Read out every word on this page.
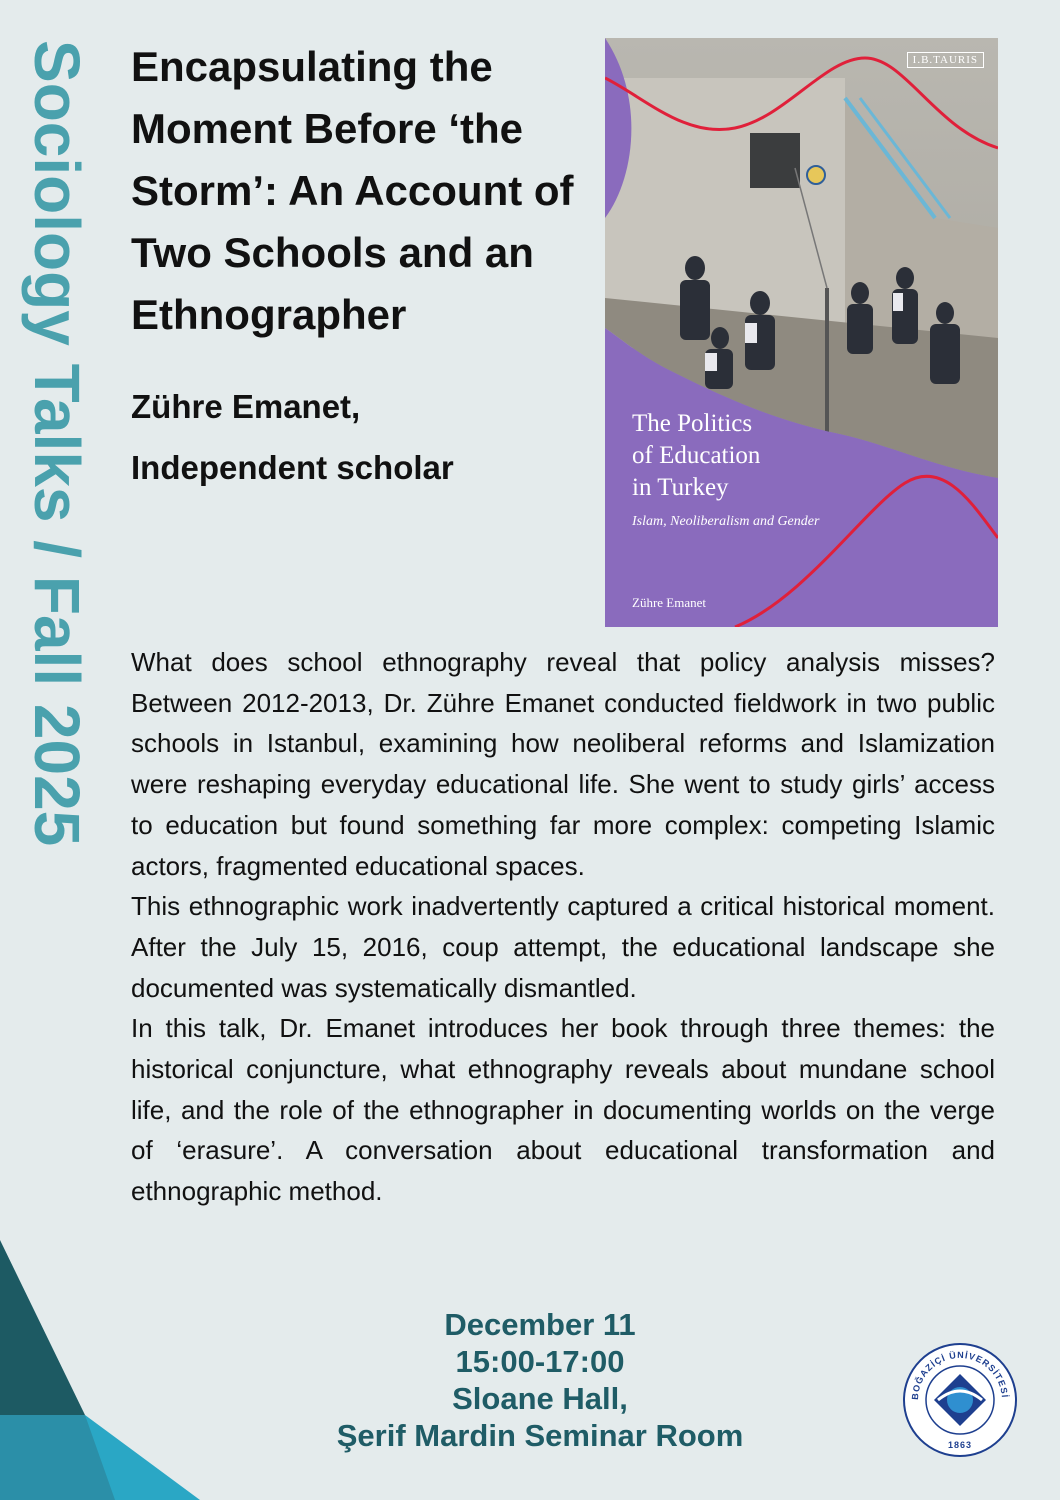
Sociology Talks / Fall 2025 Encapsulating the Moment Before ‘the Storm’: An Account of Two Schools and an Ethnographer
Zühre Emanet,
Independent scholar
I.B.TAURIS
The Politics
of Education
in Turkey
Islam, Neoliberalism and Gender
Zühre Emanet

What does school ethnography reveal that policy analysis misses? Between 2012-2013, Dr. Zühre Emanet conducted fieldwork in two public schools in Istanbul, examining how neoliberal reforms and Islamization were reshaping everyday educational life. She went to study girls’ access to education but found something far more complex: competing Islamic actors, fragmented educational spaces.

This ethnographic work inadvertently captured a critical historical moment. After the July 15, 2016, coup attempt, the educational landscape she documented was systematically dismantled.

In this talk, Dr. Emanet introduces her book through three themes: the historical conjuncture, what ethnography reveals about mundane school life, and the role of the ethnographer in documenting worlds on the verge of ‘erasure’. A conversation about educational transformation and ethnographic method.

December 11
15:00-17:00
Sloane Hall,
Şerif Mardin Seminar Room
BOĞAZİÇİ ÜNİVERSİTESİ
1863
